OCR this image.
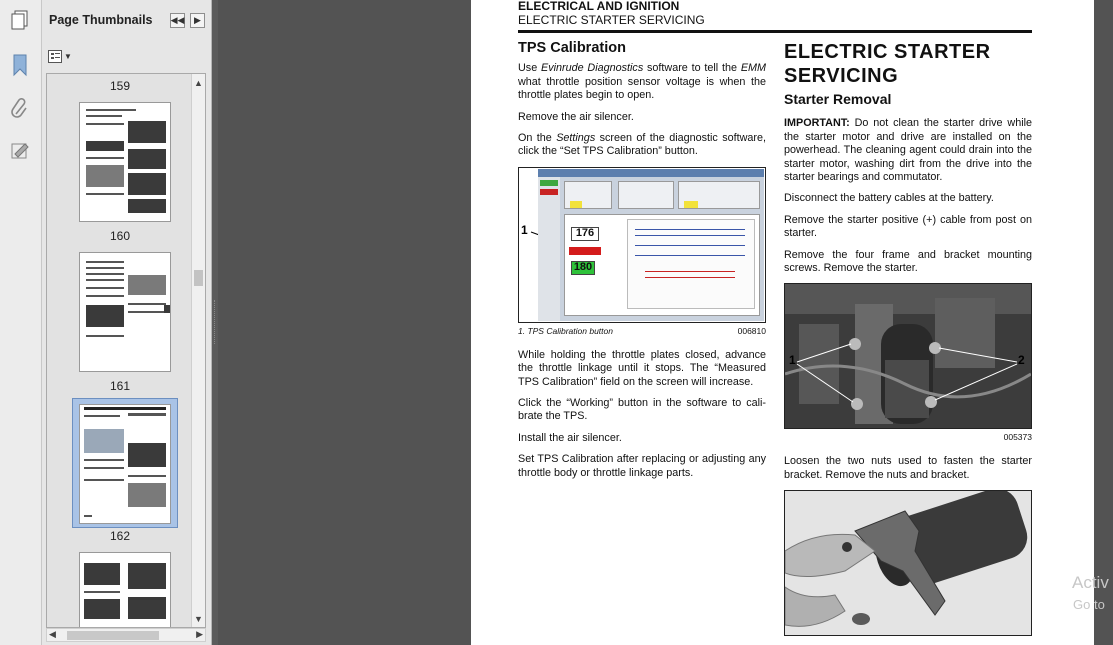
Page Thumbnails ◀◀	▶
▼
159
160
161
162
▲
▼
◀	▶
ELECTRICAL AND IGNITION
ELECTRIC STARTER SERVICING
TPS Calibration

Use Evinrude Diagnostics software to tell the EMM what throttle position sensor voltage is when the throttle plates begin to open.

Remove the air silencer.

On the Settings screen of the diagnostic software, click the “Set TPS Calibration” button.

1	176
180
1. TPS Calibration button	006810

While holding the throttle plates closed, advance the throttle linkage until it stops. The “Measured TPS Calibration” field on the screen will increase.

Click the “Working” button in the software to cali-brate the TPS.

Install the air silencer.

Set TPS Calibration after replacing or adjusting any throttle body or throttle linkage parts.

ELECTRIC STARTER
SERVICING
Starter Removal

IMPORTANT: Do not clean the starter drive while the starter motor and drive are installed on the powerhead. The cleaning agent could drain into the starter motor, washing dirt from the drive into the starter bearings and commutator.

Disconnect the battery cables at the battery.

Remove the starter positive (+) cable from post on starter.

Remove the four frame and bracket mounting screws. Remove the starter.

1	2
005373

Loosen the two nuts used to fasten the starter bracket. Remove the nuts and bracket.

Activ
Go to
